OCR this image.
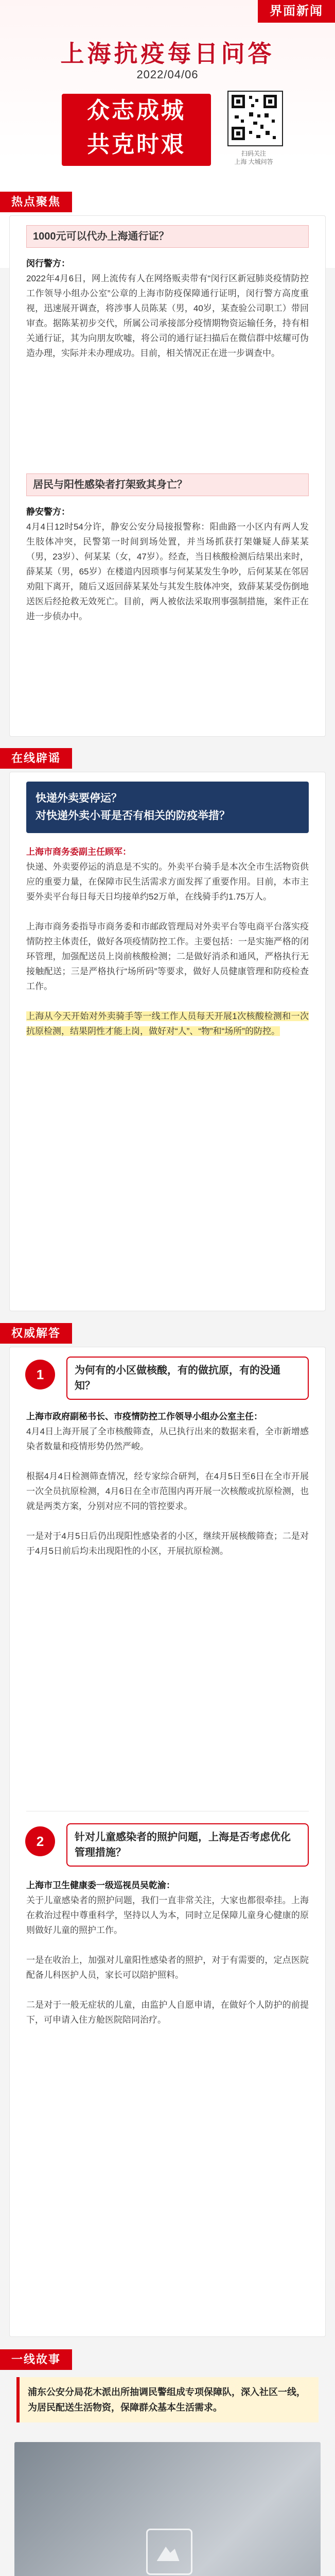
界面新闻
上海抗疫每日问答
2022/04/06
众志成城
共克时艰	扫码关注
上海 大城问答
热点聚焦
1000元可以代办上海通行证？
闵行警方：
2022年4月6日，网上流传有人在网络贩卖带有“闵行区新冠肺炎疫情防控工作领导小组办公室”公章的上海市防疫保障通行证明，闵行警方高度重视，迅速展开调查，将涉事人员陈某（男，40岁，某查验公司职工）带回审查。据陈某初步交代，所属公司承接部分疫情期物资运输任务，持有相关通行证，其为向朋友吹嘘，将公司的通行证扫描后在微信群中炫耀可伪造办理，实际并未办理成功。目前，相关情况正在进一步调查中。
居民与阳性感染者打架致其身亡？
静安警方：
4月4日12时54分许，静安公安分局接报警称：阳曲路一小区内有两人发生肢体冲突，民警第一时间到场处置，并当场抓获打架嫌疑人薛某某（男，23岁）、何某某（女，47岁）。经查，当日核酸检测后结果出来时，薛某某（男，65岁）在楼道内因琐事与何某某发生争吵，后何某某在邻居劝阻下离开，随后又返回薛某某处与其发生肢体冲突，致薛某某受伤倒地送医后经抢救无效死亡。目前，两人被依法采取刑事强制措施，案件正在进一步侦办中。
在线辟谣
快递外卖要停运？
对快递外卖小哥是否有相关的防疫举措？
上海市商务委副主任顾军：
快递、外卖要停运的消息是不实的。外卖平台骑手是本次全市生活物资供应的重要力量，在保障市民生活需求方面发挥了重要作用。目前，本市主要外卖平台每日每天日均接单约52万单，在线骑手约1.75万人。

上海市商务委指导市商务委和市邮政管理局对外卖平台等电商平台落实疫情防控主体责任，做好各项疫情防控工作。主要包括：一是实施严格的闭环管理，加强配送员上岗前核酸检测；二是做好消杀和通风，严格执行无接触配送；三是严格执行“场所码”等要求，做好人员健康管理和防疫检查工作。

上海从今天开始对外卖骑手等一线工作人员每天开展1次核酸检测和一次抗原检测，结果阴性才能上岗，做好对“人”、“物”和“场所”的防控。
权威解答
1	为何有的小区做核酸，有的做抗原，有的没通知？
上海市政府副秘书长、市疫情防控工作领导小组办公室主任：
4月4日上海开展了全市核酸筛查，从已执行出来的数据来看，全市新增感染者数量和疫情形势仍然严峻。

根据4月4日检测筛查情况，经专家综合研判，在4月5日至6日在全市开展一次全员抗原检测，4月6日在全市范围内再开展一次核酸或抗原检测，也就是两类方案，分别对应不同的管控要求。

一是对于4月5日后仍出现阳性感染者的小区，继续开展核酸筛查；二是对于4月5日前后均未出现阳性的小区，开展抗原检测。
2	针对儿童感染者的照护问题，上海是否考虑优化管理措施？
上海市卫生健康委一级巡视员吴乾渝：
关于儿童感染者的照护问题，我们一直非常关注，大家也都很牵挂。上海在救治过程中尊重科学，坚持以人为本，同时立足保障儿童身心健康的原则做好儿童的照护工作。

一是在收治上，加强对儿童阳性感染者的照护，对于有需要的，定点医院配备儿科医护人员，家长可以陪护照料。

二是对于一般无症状的儿童，由监护人自愿申请，在做好个人防护的前提下，可申请入住方舱医院陪同治疗。
一线故事
浦东公安分局花木派出所抽调民警组成专项保障队，深入社区一线，为居民配送生活物资，保障群众基本生活需求。
